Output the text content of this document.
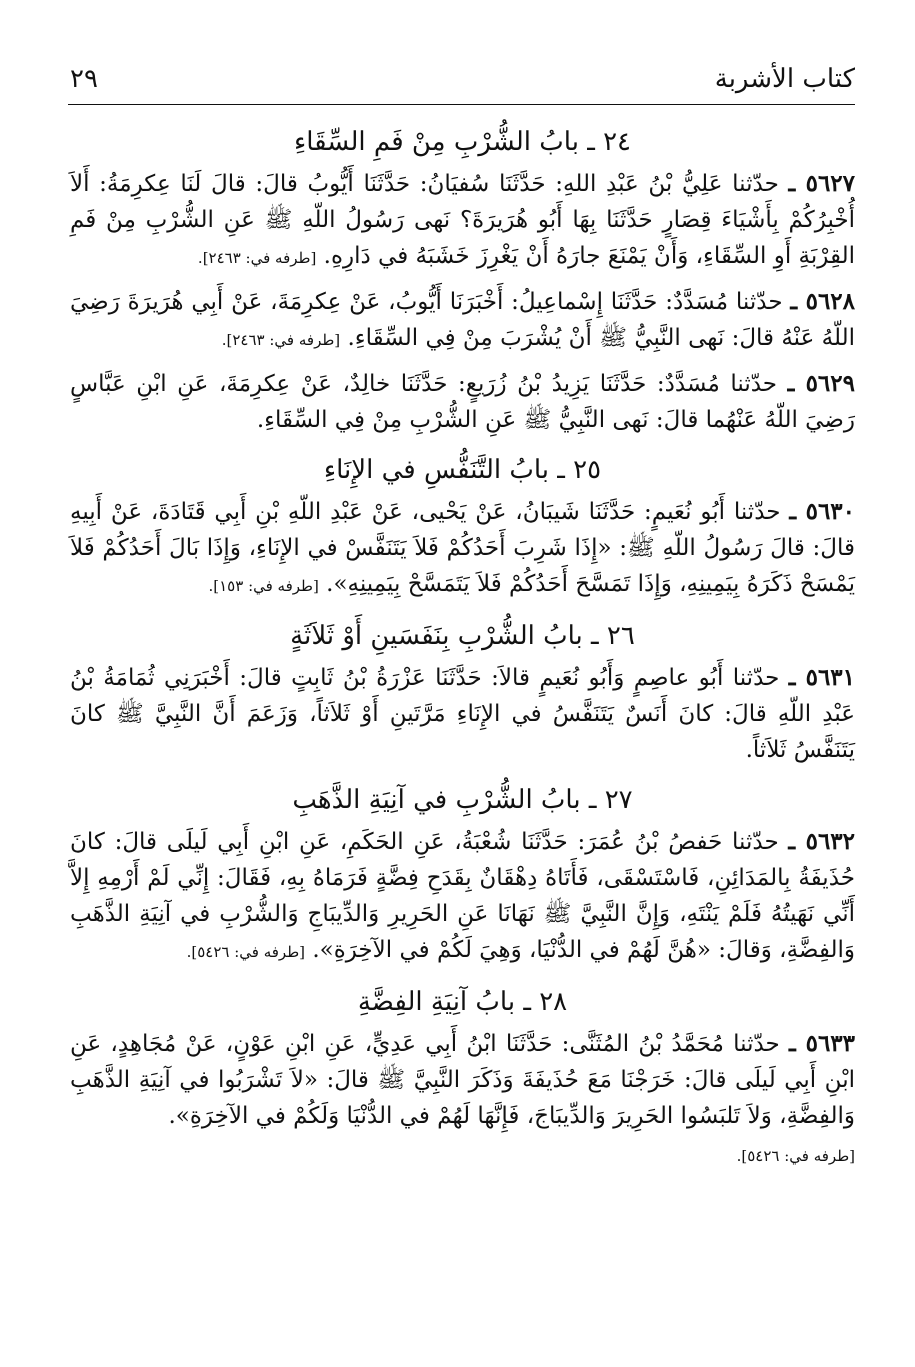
كتاب الأشربة
٢٩
٢٤ ـ بابُ الشُّرْبِ مِنْ فَمِ السِّقَاءِ

٥٦٢٧ ـ حدّثنا عَلِيُّ بْنُ عَبْدِ اللهِ: حَدَّثَنَا سُفيَانُ: حَدَّثَنَا أَيُّوبُ قالَ: قالَ لَنَا عِكرِمَةُ: أَلاَ أُخْبِرُكُمْ بِأَشْيَاءَ قِصَارٍ حَدَّثَنَا بِهَا أَبُو هُرَيرَةَ؟ نَهى رَسُولُ اللّهِ ﷺ عَنِ الشُّرْبِ مِنْ فَمِ القِرْبَةِ أَوِ السِّقَاءِ، وَأَنْ يَمْنَعَ جارَهُ أَنْ يَغْرِزَ خَشَبَهُ في دَارِهِ. [طرفه في: ٢٤٦٣].

٥٦٢٨ ـ حدّثنا مُسَدَّدٌ: حَدَّثَنَا إِسْماعِيلُ: أَخْبَرَنَا أَيُّوبُ، عَنْ عِكرِمَةَ، عَنْ أَبِي هُرَيرَةَ رَضِيَ اللّهُ عَنْهُ قالَ: نَهى النَّبِيُّ ﷺ أَنْ يُشْرَبَ مِنْ فِي السِّقَاءِ. [طرفه في: ٢٤٦٣].

٥٦٢٩ ـ حدّثنا مُسَدَّدٌ: حَدَّثَنَا يَزِيدُ بْنُ زُرَيعٍ: حَدَّثَنَا خالِدٌ، عَنْ عِكرِمَةَ، عَنِ ابْنِ عَبَّاسٍ رَضِيَ اللّهُ عَنْهُما قالَ: نَهى النَّبِيُّ ﷺ عَنِ الشُّرْبِ مِنْ فِي السِّقَاءِ.

٢٥ ـ بابُ التَّنَفُّسِ في الإِنَاءِ

٥٦٣٠ ـ حدّثنا أَبُو نُعَيمٍ: حَدَّثَنَا شَيبَانُ، عَنْ يَحْيى، عَنْ عَبْدِ اللّهِ بْنِ أَبِي قَتَادَةَ، عَنْ أَبِيهِ قالَ: قالَ رَسُولُ اللّهِ ﷺ: «إِذَا شَرِبَ أَحَدُكُمْ فَلاَ يَتَنَفَّسْ في الإِنَاءِ، وَإِذَا بَالَ أَحَدُكُمْ فَلاَ يَمْسَحْ ذَكَرَهُ بِيَمِينِهِ، وَإِذَا تَمَسَّحَ أَحَدُكُمْ فَلاَ يَتَمَسَّحْ بِيَمِينِهِ». [طرفه في: ١٥٣].

٢٦ ـ بابُ الشُّرْبِ بِنَفَسَينِ أَوْ ثَلاَثَةٍ

٥٦٣١ ـ حدّثنا أَبُو عاصِمٍ وَأَبُو نُعَيمٍ قالاَ: حَدَّثَنَا عَزْرَةُ بْنُ ثَابِتٍ قالَ: أَخْبَرَنِي ثُمَامَةُ بْنُ عَبْدِ اللّهِ قالَ: كانَ أَنَسٌ يَتَنَفَّسُ في الإِنَاءِ مَرَّتَينِ أَوْ ثَلاَثاً، وَزَعَمَ أَنَّ النَّبِيَّ ﷺ كانَ يَتَنَفَّسُ ثَلاَثاً.

٢٧ ـ بابُ الشُّرْبِ في آنِيَةِ الذَّهَبِ

٥٦٣٢ ـ حدّثنا حَفصُ بْنُ عُمَرَ: حَدَّثَنَا شُعْبَةُ، عَنِ الحَكَمِ، عَنِ ابْنِ أَبِي لَيلَى قالَ: كانَ حُذَيفَةُ بِالمَدَائِنِ، فَاسْتَسْقَى، فَأَتَاهُ دِهْقَانٌ بِقَدَحِ فِضَّةٍ فَرَمَاهُ بِهِ، فَقَالَ: إِنِّي لَمْ أَرْمِهِ إِلاَّ أَنِّي نَهَيتُهُ فَلَمْ يَنْتَهِ، وَإِنَّ النَّبِيَّ ﷺ نَهَانَا عَنِ الحَرِيرِ وَالدِّيبَاجِ وَالشُّرْبِ في آنِيَةِ الذَّهَبِ وَالفِضَّةِ، وَقالَ: «هُنَّ لَهُمْ في الدُّنْيَا، وَهِيَ لَكُمْ في الآخِرَةِ». [طرفه في: ٥٤٢٦].

٢٨ ـ بابُ آنِيَةِ الفِضَّةِ

٥٦٣٣ ـ حدّثنا مُحَمَّدُ بْنُ المُثَنَّى: حَدَّثَنَا ابْنُ أَبِي عَدِيٍّ، عَنِ ابْنِ عَوْنٍ، عَنْ مُجَاهِدٍ، عَنِ ابْنِ أَبِي لَيلَى قالَ: خَرَجْنَا مَعَ حُذَيفَةَ وَذَكَرَ النَّبِيَّ ﷺ قالَ: «لاَ تَشْرَبُوا في آنِيَةِ الذَّهَبِ وَالفِضَّةِ، وَلاَ تَلبَسُوا الحَرِيرَ وَالدِّيبَاجَ، فَإِنَّهَا لَهُمْ في الدُّنْيَا وَلَكُمْ في الآخِرَةِ».

[طرفه في: ٥٤٢٦].
